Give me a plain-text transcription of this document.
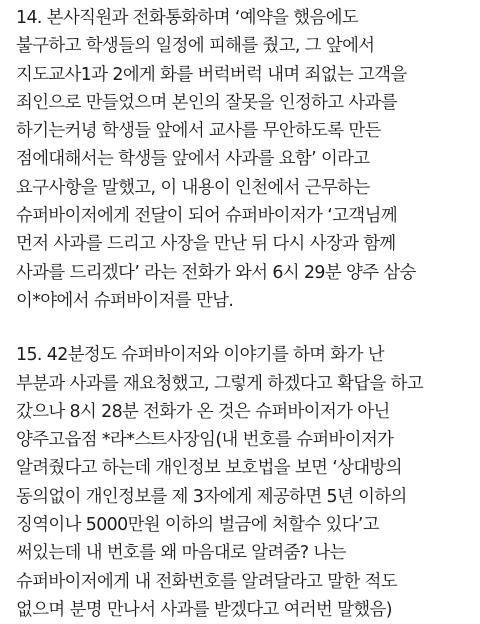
14. 본사직원과 전화통화하며 ‘예약을 했음에도
불구하고 학생들의 일정에 피해를 줬고, 그 앞에서
지도교사1과 2에게 화를 버럭버럭 내며 죄없는 고객을
죄인으로 만들었으며 본인의 잘못을 인정하고 사과를
하기는커녕 학생들 앞에서 교사를 무안하도록 만든
점에대해서는 학생들 앞에서 사과를 요함’ 이라고
요구사항을 말했고, 이 내용이 인천에서 근무하는
슈퍼바이저에게 전달이 되어 슈퍼바이저가 ‘고객님께
먼저 사과를 드리고 사장을 만난 뒤 다시 사장과 함께
사과를 드리겠다’ 라는 전화가 와서 6시 29분 양주 삼숭
이*야에서 슈퍼바이저를 만남.
15. 42분정도 슈퍼바이저와 이야기를 하며 화가 난
부분과 사과를 재요청했고, 그렇게 하겠다고 확답을 하고
갔으나 8시 28분 전화가 온 것은 슈퍼바이저가 아닌
양주고읍점 *라*스트사장임(내 번호를 슈퍼바이저가
알려줬다고 하는데 개인정보 보호법을 보면 ‘상대방의
동의없이 개인정보를 제 3자에게 제공하면 5년 이하의
징역이나 5000만원 이하의 벌금에 처할수 있다’고
써있는데 내 번호를 왜 마음대로 알려줌? 나는
슈퍼바이저에게 내 전화번호를 알려달라고 말한 적도
없으며 분명 만나서 사과를 받겠다고 여러번 말했음)
